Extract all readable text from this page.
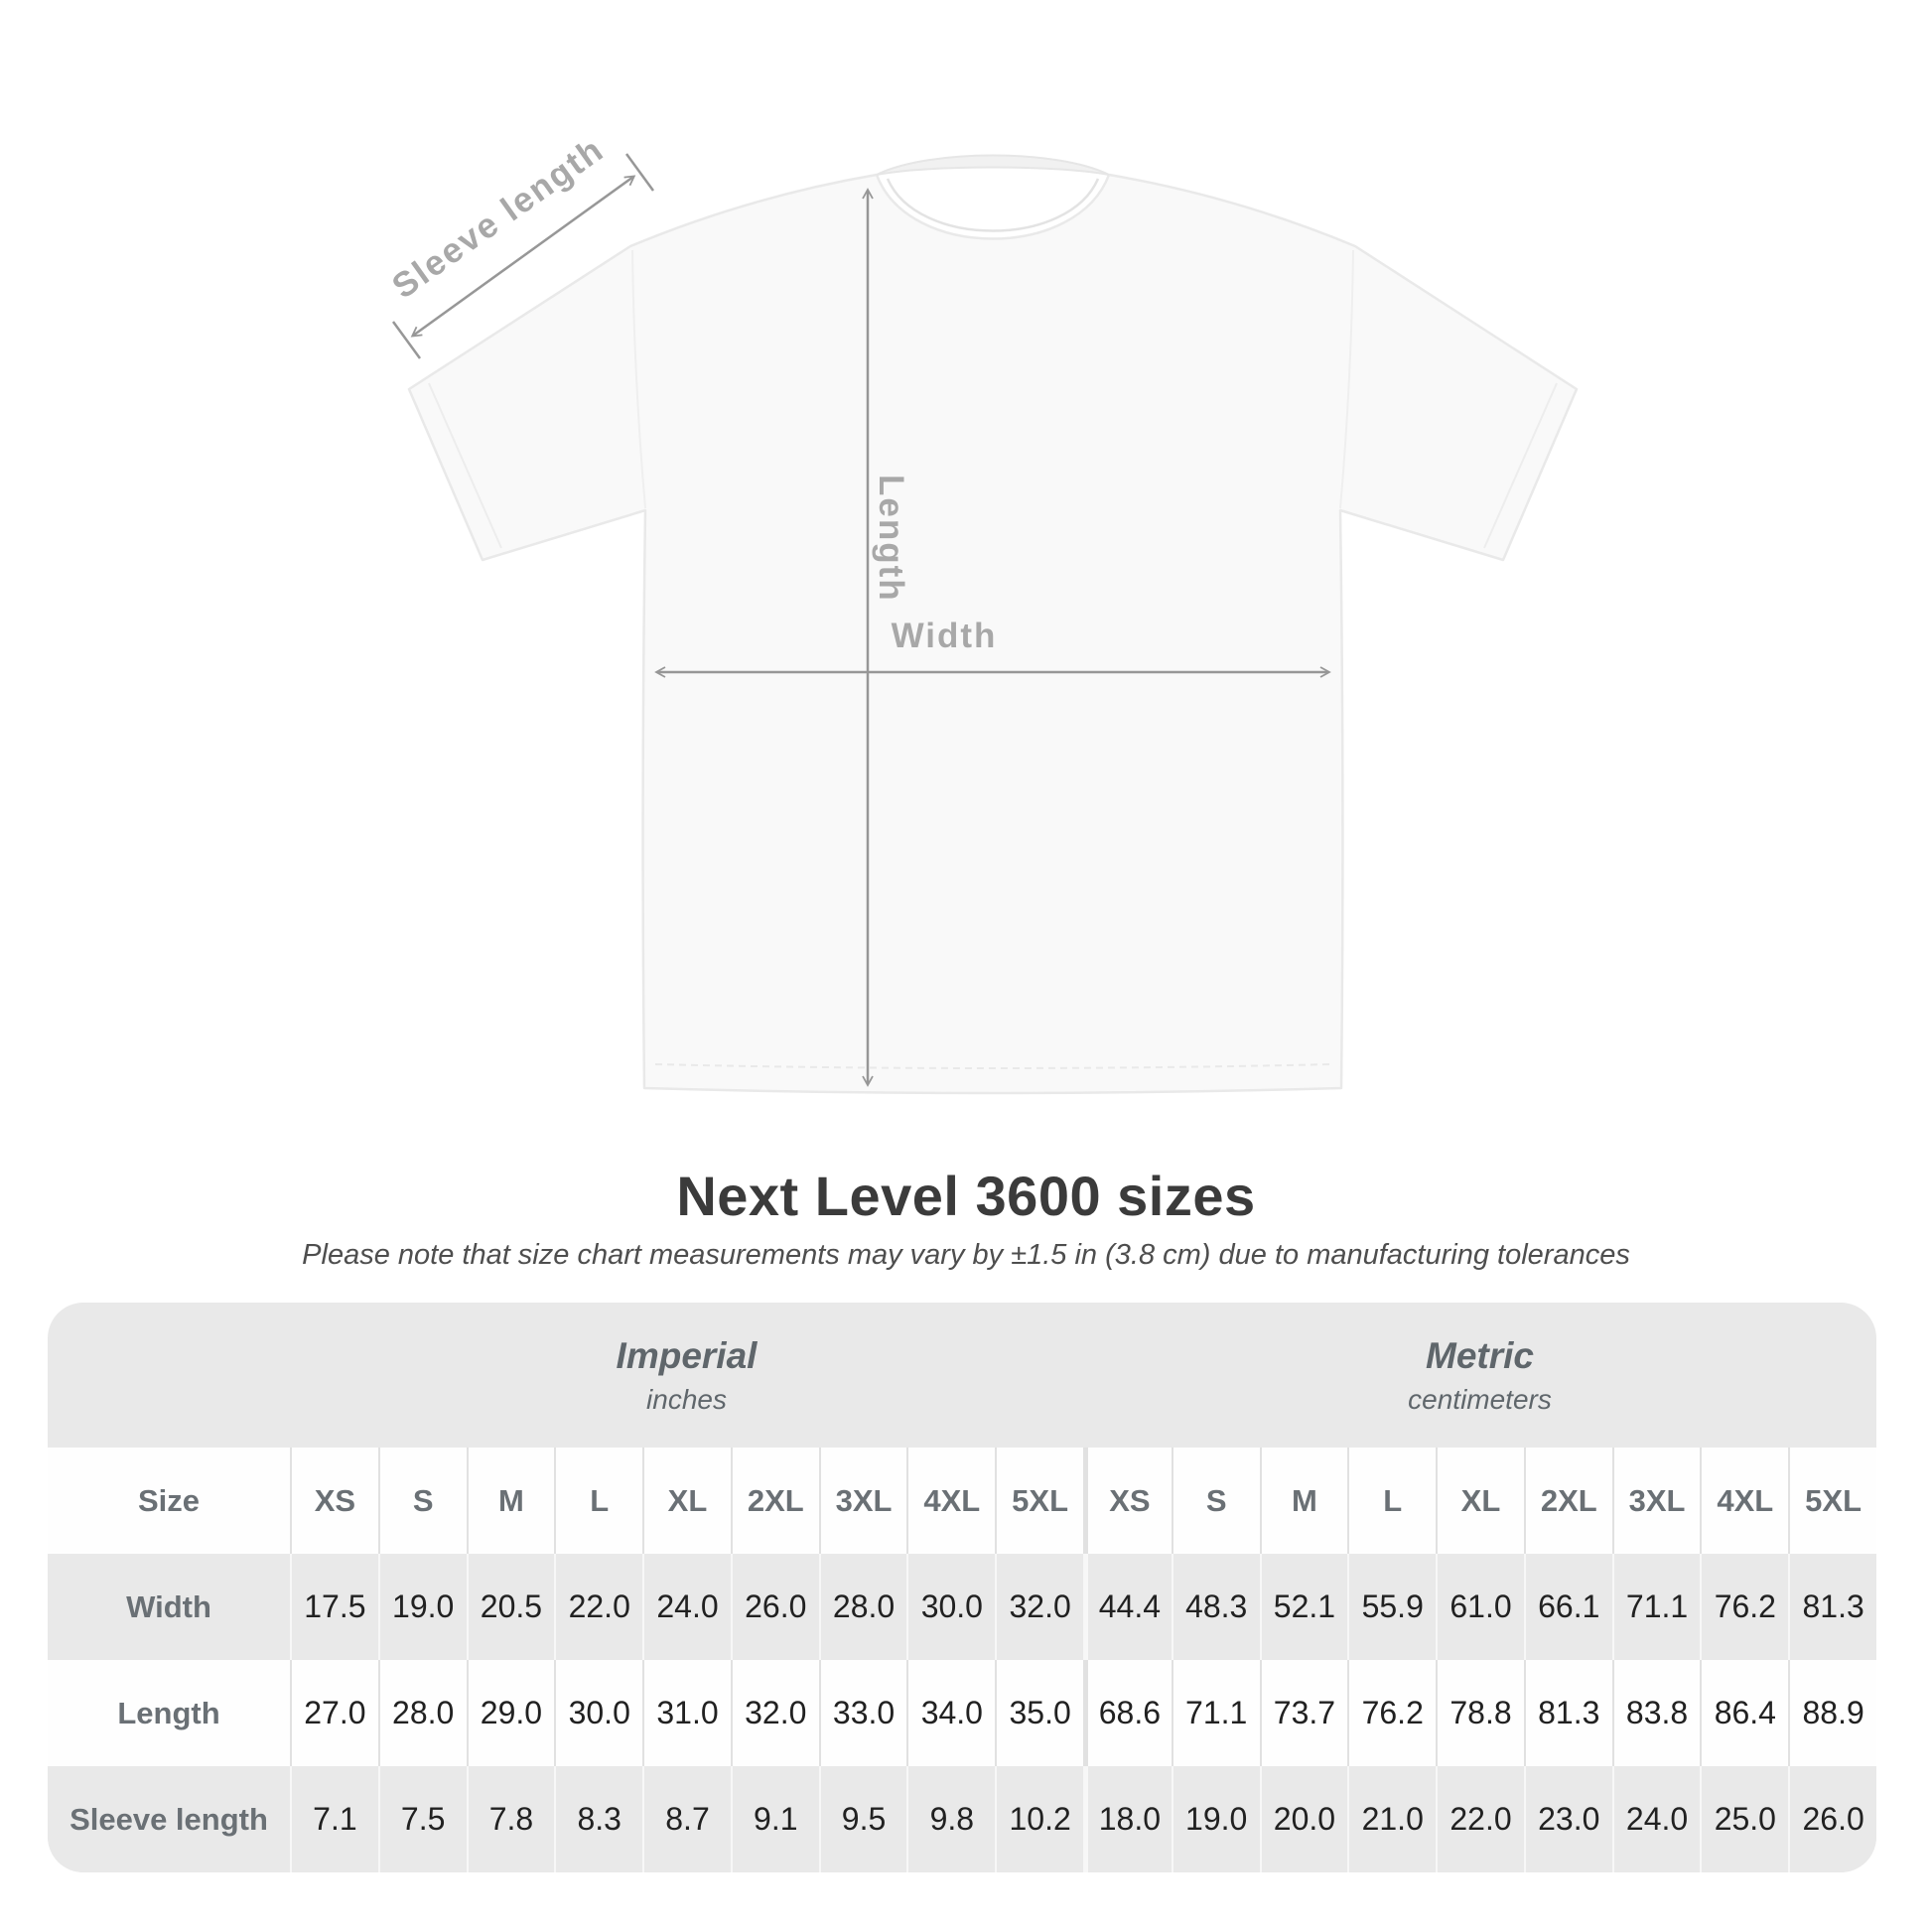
Length
Width
Sleeve length
Next Level 3600 sizes
Please note that size chart measurements may vary by ±1.5 in (3.8 cm) due to manufacturing tolerances
Imperial
inches
Metric
centimeters
Size	XS	S	M	L	XL	2XL	3XL	4XL	5XL	XS	S	M	L	XL	2XL	3XL	4XL	5XL
Width	17.5 19.0 20.5 22.0 24.0 26.0 28.0 30.0 32.0 44.4 48.3 52.1 55.9 61.0 66.1 71.1 76.2 81.3
Length	27.0 28.0 29.0 30.0 31.0 32.0 33.0 34.0 35.0 68.6 71.1 73.7 76.2 78.8 81.3 83.8 86.4 88.9
Sleeve length	7.1	7.5	7.8	8.3	8.7	9.1	9.5	9.8	10.2 18.0 19.0 20.0 21.0 22.0 23.0 24.0 25.0 26.0
